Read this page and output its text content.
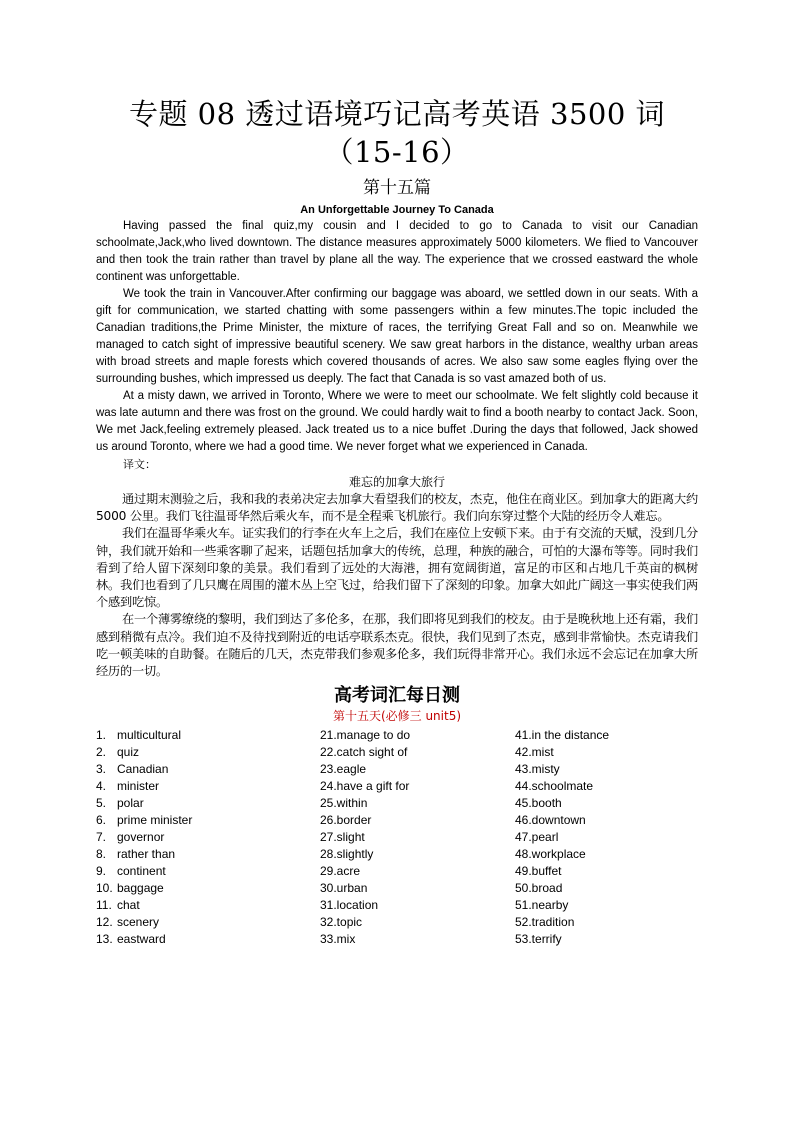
专题 08 透过语境巧记高考英语 3500 词
（15-16）
第十五篇
An Unforgettable Journey To Canada

Having passed the final quiz,my cousin and I decided to go to Canada to visit our Canadian schoolmate,Jack,who lived downtown. The distance measures approximately 5000 kilometers. We flied to Vancouver and then took the train rather than travel by plane all the way. The experience that we crossed eastward the whole continent was unforgettable.

We took the train in Vancouver.After confirming our baggage was aboard, we settled down in our seats. With a gift for communication, we started chatting with some passengers within a few minutes.The topic included the Canadian traditions,the Prime Minister, the mixture of races, the terrifying Great Fall and so on. Meanwhile we managed to catch sight of impressive beautiful scenery. We saw great harbors in the distance, wealthy urban areas with broad streets and maple forests which covered thousands of acres. We also saw some eagles flying over the surrounding bushes, which impressed us deeply. The fact that Canada is so vast amazed both of us.

At a misty dawn, we arrived in Toronto, Where we were to meet our schoolmate. We felt slightly cold because it was late autumn and there was frost on the ground. We could hardly wait to find a booth nearby to contact Jack. Soon, We met Jack,feeling extremely pleased. Jack treated us to a nice buffet .During the days that followed, Jack showed us around Toronto, where we had a good time. We never forget what we experienced in Canada.

译文：
难忘的加拿大旅行

通过期末测验之后，我和我的表弟决定去加拿大看望我们的校友，杰克，他住在商业区。到加拿大的距离大约 5000 公里。我们飞往温哥华然后乘火车，而不是全程乘飞机旅行。我们向东穿过整个大陆的经历令人难忘。

我们在温哥华乘火车。证实我们的行李在火车上之后，我们在座位上安顿下来。由于有交流的天赋，没到几分钟，我们就开始和一些乘客聊了起来，话题包括加拿大的传统，总理，种族的融合，可怕的大瀑布等等。同时我们看到了给人留下深刻印象的美景。我们看到了远处的大海港，拥有宽阔街道，富足的市区和占地几千英亩的枫树林。我们也看到了几只鹰在周围的灌木丛上空飞过，给我们留下了深刻的印象。加拿大如此广阔这一事实使我们两个感到吃惊。

在一个薄雾缭绕的黎明，我们到达了多伦多，在那，我们即将见到我们的校友。由于是晚秋地上还有霜，我们感到稍微有点冷。我们迫不及待找到附近的电话亭联系杰克。很快，我们见到了杰克，感到非常愉快。杰克请我们吃一顿美味的自助餐。在随后的几天，杰克带我们参观多伦多，我们玩得非常开心。我们永远不会忘记在加拿大所经历的一切。

高考词汇每日测
第十五天(必修三 unit5)
1. multicultural
2. quiz
3. Canadian
4. minister
5. polar
6. prime minister
7. governor
8. rather than
9. continent
10. baggage
11. chat
12. scenery
13. eastward
21.manage to do
22.catch sight of
23.eagle
24.have a gift for
25.within
26.border
27.slight
28.slightly
29.acre
30.urban
31.location
32.topic
33.mix
41.in the distance
42.mist
43.misty
44.schoolmate
45.booth
46.downtown
47.pearl
48.workplace
49.buffet
50.broad
51.nearby
52.tradition
53.terrify
